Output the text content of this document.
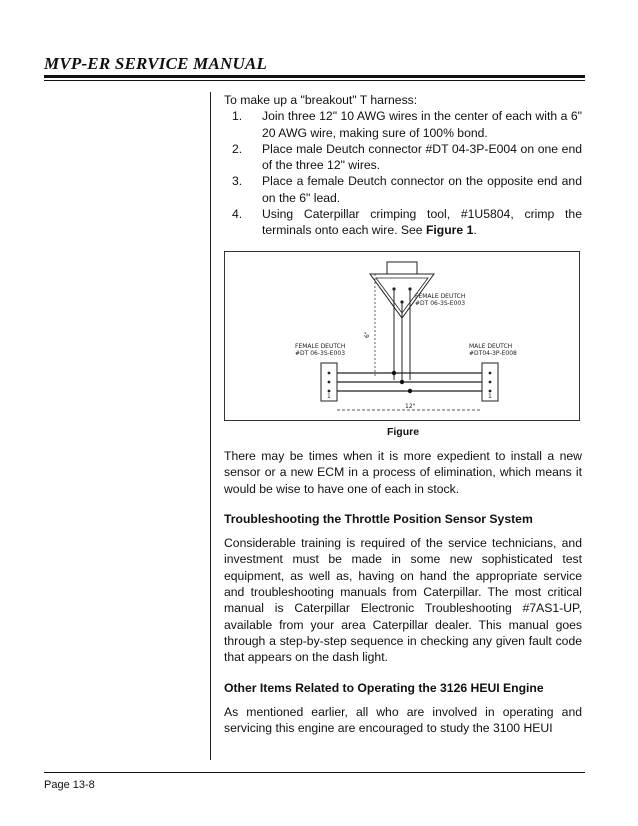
MVP-ER SERVICE MANUAL

To make up a "breakout" T harness:

1.	Join three 12" 10 AWG wires in the center of each with a 6" 20 AWG wire, making sure of 100% bond.
2.	Place male Deutch connector #DT 04-3P-E004 on one end of the three 12" wires.
3.	Place a female Deutch connector on the opposite end and on the 6" lead.
4.	Using Caterpillar crimping tool, #1U5804, crimp the terminals onto each wire. See Figure 1.
FEMALE DEUTCH
#DT 06-3S-E003
6"
1
FEMALE DEUTCH
#DT 06-3S-E003
1
MALE DEUTCH
#DT04-3P-E008
12"
Figure

There may be times when it is more expedient to install a new sensor or a new ECM in a process of elimination, which means it would be wise to have one of each in stock.

Troubleshooting the Throttle Position Sensor System

Considerable training is required of the service technicians, and investment must be made in some new sophisticated test equipment, as well as, having on hand the appropriate service and troubleshooting manuals from Caterpillar. The most critical manual is Caterpillar Electronic Troubleshooting #7AS1-UP, available from your area Caterpillar dealer. This manual goes through a step-by-step sequence in checking any given fault code that appears on the dash light.

Other Items Related to Operating the 3126 HEUI Engine

As mentioned earlier, all who are involved in operating and servicing this engine are encouraged to study the 3100 HEUI

Page 13-8
